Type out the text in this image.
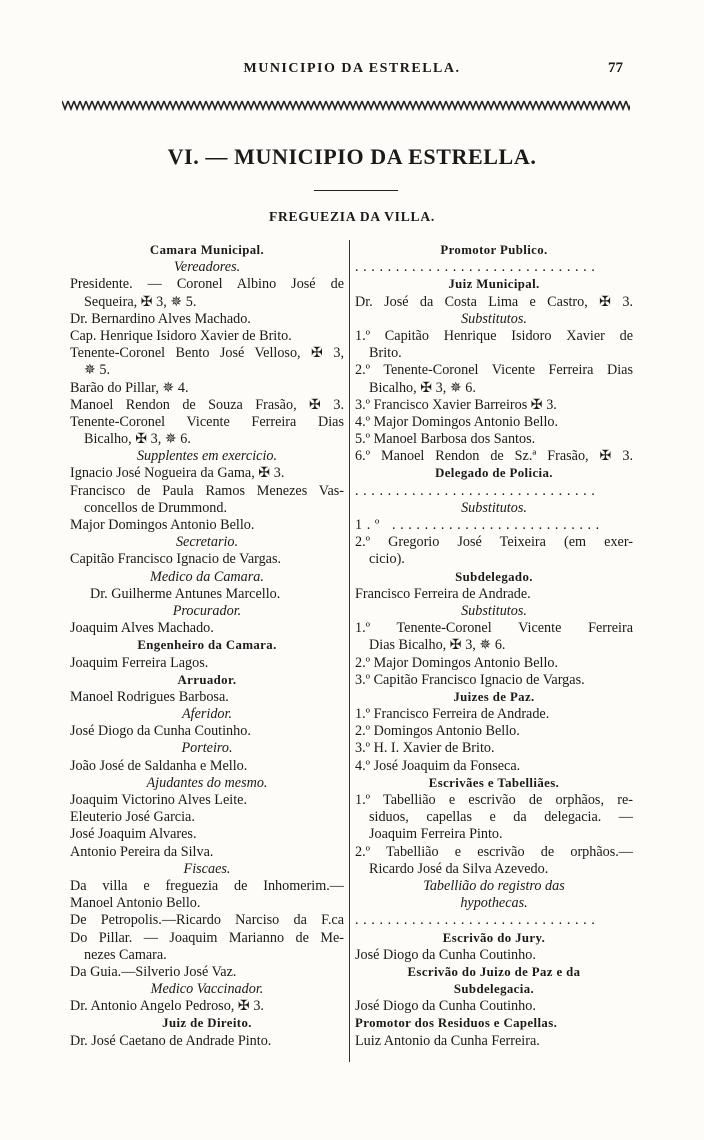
MUNICIPIO DA ESTRELLA.	77
VI. — MUNICIPIO DA ESTRELLA.
FREGUEZIA DA VILLA.
Camara Municipal.
Vereadores.
Presidente. — Coronel Albino José de
Sequeira, ✠ 3, ✵ 5.
Dr. Bernardino Alves Machado.
Cap. Henrique Isidoro Xavier de Brito.
Tenente-Coronel Bento José Velloso, ✠ 3,
✵ 5.
Barão do Pillar, ✵ 4.
Manoel Rendon de Souza Frasão, ✠ 3.
Tenente-Coronel Vicente Ferreira Dias
Bicalho, ✠ 3, ✵ 6.
Supplentes em exercicio.
Ignacio José Nogueira da Gama, ✠ 3.
Francisco de Paula Ramos Menezes Vas-
concellos de Drummond.
Major Domingos Antonio Bello.
Secretario.
Capitão Francisco Ignacio de Vargas.
Medico da Camara.
Dr. Guilherme Antunes Marcello.
Procurador.
Joaquim Alves Machado.
Engenheiro da Camara.
Joaquim Ferreira Lagos.
Arruador.
Manoel Rodrigues Barbosa.
Aferidor.
José Diogo da Cunha Coutinho.
Porteiro.
João José de Saldanha e Mello.
Ajudantes do mesmo.
Joaquim Victorino Alves Leite.
Eleuterio José Garcia.
José Joaquim Alvares.
Antonio Pereira da Silva.
Fiscaes.
Da villa e freguezia de Inhomerim.—
Manoel Antonio Bello.
De Petropolis.—Ricardo Narciso da F.ca
Do Pillar. — Joaquim Marianno de Me-
nezes Camara.
Da Guia.—Silverio José Vaz.
Medico Vaccinador.
Dr. Antonio Angelo Pedroso, ✠ 3.
Juiz de Direito.
Dr. José Caetano de Andrade Pinto.
Promotor Publico.
..............................
Juiz Municipal.
Dr. José da Costa Lima e Castro, ✠ 3.
Substitutos.
1.º Capitão Henrique Isidoro Xavier de
Brito.
2.º Tenente-Coronel Vicente Ferreira Dias
Bicalho, ✠ 3, ✵ 6.
3.º Francisco Xavier Barreiros ✠ 3.
4.º Major Domingos Antonio Bello.
5.º Manoel Barbosa dos Santos.
6.º Manoel Rendon de Sz.ª Frasão, ✠ 3.
Delegado de Policia.
..............................
Substitutos.
1.º ..........................
2.º Gregorio José Teixeira (em exer-
cicio).
Subdelegado.
Francisco Ferreira de Andrade.
Substitutos.
1.º Tenente-Coronel Vicente Ferreira
Dias Bicalho, ✠ 3, ✵ 6.
2.º Major Domingos Antonio Bello.
3.º Capitão Francisco Ignacio de Vargas.
Juizes de Paz.
1.º Francisco Ferreira de Andrade.
2.º Domingos Antonio Bello.
3.º H. I. Xavier de Brito.
4.º José Joaquim da Fonseca.
Escrivães e Tabelliães.
1.º Tabellião e escrivão de orphãos, re-
siduos, capellas e da delegacia. —
Joaquim Ferreira Pinto.
2.º Tabellião e escrivão de orphãos.—
Ricardo José da Silva Azevedo.
Tabellião do registro das
hypothecas.
..............................
Escrivão do Jury.
José Diogo da Cunha Coutinho.
Escrivão do Juizo de Paz e da
Subdelegacia.
José Diogo da Cunha Coutinho.
Promotor dos Residuos e Capellas.
Luiz Antonio da Cunha Ferreira.
